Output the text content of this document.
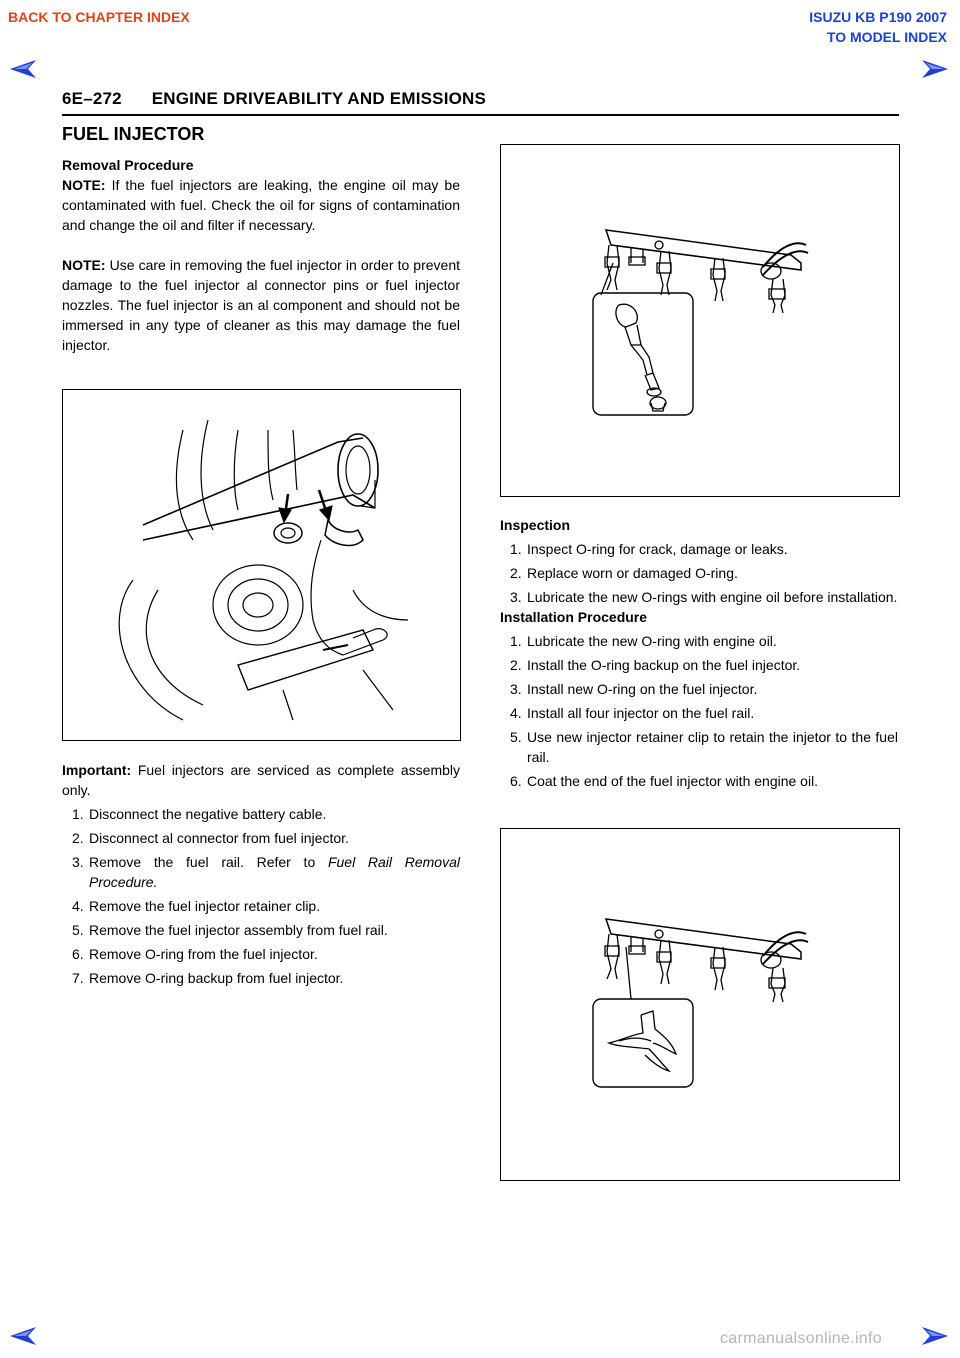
BACK TO CHAPTER INDEX	ISUZU KB P190 2007
TO MODEL INDEX
6E–272 ENGINE DRIVEABILITY AND EMISSIONS
FUEL INJECTOR
Removal Procedure

NOTE: If the fuel injectors are leaking, the engine oil may be contaminated with fuel. Check the oil for signs of contamination and change the oil and filter if necessary.

NOTE: Use care in removing the fuel injector in order to prevent damage to the fuel injector al connector pins or fuel injector nozzles. The fuel injector is an al component and should not be immersed in any type of cleaner as this may damage the fuel injector.

Important: Fuel injectors are serviced as complete assembly only.

1. Disconnect the negative battery cable.
2. Disconnect al connector from fuel injector.
3. Remove the fuel rail. Refer to Fuel Rail Removal Procedure.
4. Remove the fuel injector retainer clip.
5. Remove the fuel injector assembly from fuel rail.
6. Remove O-ring from the fuel injector.
7. Remove O-ring backup from fuel injector.
Inspection
1. Inspect O-ring for crack, damage or leaks.
2. Replace worn or damaged O-ring.
3. Lubricate the new O-rings with engine oil before installation.
Installation Procedure
1. Lubricate the new O-ring with engine oil.
2. Install the O-ring backup on the fuel injector.
3. Install new O-ring on the fuel injector.
4. Install all four injector on the fuel rail.
5. Use new injector retainer clip to retain the injetor to the fuel rail.
6. Coat the end of the fuel injector with engine oil.
carmanualsonline.info
